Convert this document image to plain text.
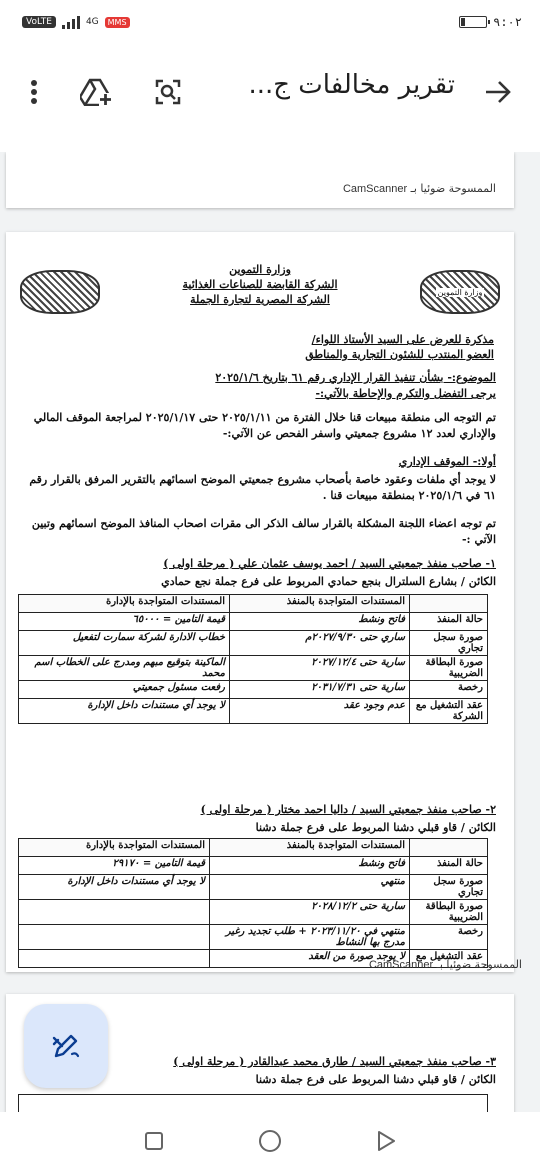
VoLTE	4G	MMS	٩:٠٢
تقرير مخالفات ج...
الممسوحة ضوئيا بـ CamScanner
وزارة التموين
وزارة التموين
الشركة القابضة للصناعات الغذائية
الشركة المصرية لتجارة الجملة
مذكرة للعرض على السيد الأستاذ اللواء/
العضو المنتدب للشئون التجارية والمناطق
الموضوع:- بشأن تنفيذ القرار الإداري رقم ٦١ بتاريخ ٢٠٢٥/١/٦
يرجى التفضل والتكرم والإحاطة بالآتي:-
تم التوجه الى منطقة مبيعات قنا خلال الفترة من ٢٠٢٥/١/١١ حتى ٢٠٢٥/١/١٧ لمراجعة الموقف المالي والإداري لعدد ١٢ مشروع جمعيتي واسفر الفحص عن الآتي:-
أولا:- الموقف الإداري
لا يوجد أي ملفات وعقود خاصة بأصحاب مشروع جمعيتي الموضح اسمائهم بالتقرير المرفق بالقرار رقم ٦١ في ٢٠٢٥/١/٦ بمنطقة مبيعات قنا .
تم توجه اعضاء اللجنة المشكلة بالقرار سالف الذكر الى مقرات اصحاب المنافذ الموضح اسمائهم وتبين الآتي :-
١- صاحب منفذ جمعيتي السيد / احمد يوسف عثمان علي ( مرحلة اولى )
الكائن / بشارع السلترال بنجع حمادي المربوط على فرع جملة نجع حمادي
	المستندات المتواجدة بالمنفذ	المستندات المتواجدة بالإدارة
حالة المنفذ	فاتح ونشط	قيمة التامين = ٦٥٠٠٠
صورة سجل تجاري	ساري حتى ٢٠٢٧/٩/٣٠م	خطاب الادارة لشركة سمارت لتفعيل
صورة البطاقة الضريبية	سارية حتى ٢٠٢٧/١٢/٤	الماكينة بتوقيع مبهم ومدرج على الخطاب اسم محمد
رخصة	سارية حتى ٢٠٣١/٧/٣١	رفعت مسئول جمعيتي
عقد التشغيل مع الشركة	عدم وجود عقد	لا يوجد أي مستندات داخل الإدارة
٢- صاحب منفذ جمعيتي السيد / داليا احمد مختار ( مرحلة اولى )
الكائن / قاو قبلي دشنا المربوط على فرع جملة دشنا
	المستندات المتواجدة بالمنفذ	المستندات المتواجدة بالإدارة
حالة المنفذ	فاتح ونشط	قيمة التامين = ٢٩١٧٠
صورة سجل تجاري	منتهي	لا يوجد أي مستندات داخل الإدارة
صورة البطاقة الضريبية	سارية حتى ٢٠٢٨/١٢/٢	
رخصة	منتهي في ٢٠٢٣/١١/٢٠ + طلب تجديد رغير مدرج بها النشاط	
عقد التشغيل مع	لا يوجد صورة من العقد	
الممسوحة ضوئيا بـ CamScanner
٣- صاحب منفذ جمعيتي السيد / طارق محمد عبدالقادر ( مرحلة اولى )
الكائن / قاو قبلي دشنا المربوط على فرع جملة دشنا
